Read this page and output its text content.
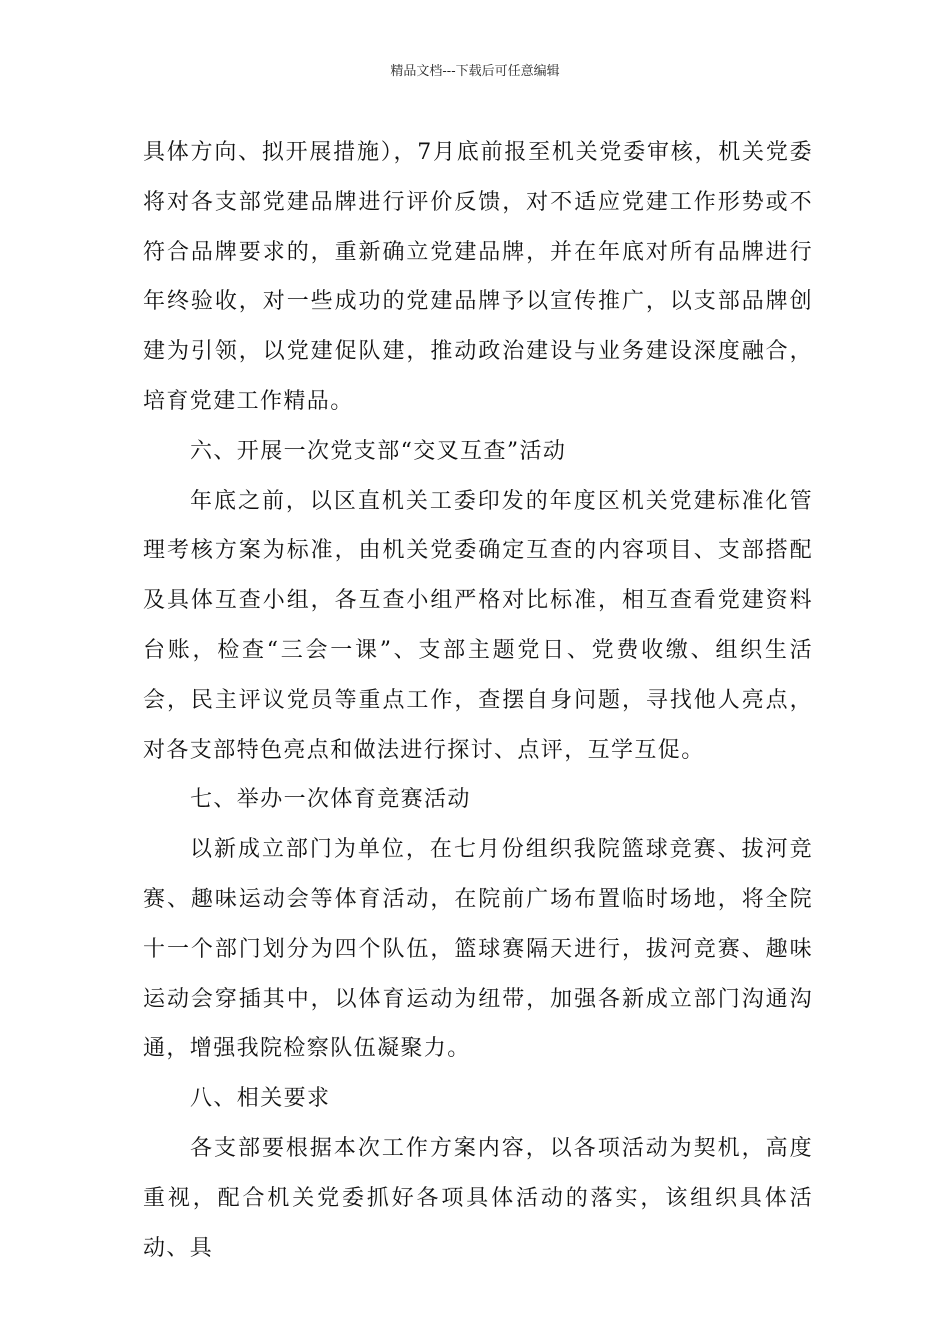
精品文档---下载后可任意编辑

具体方向、拟开展措施），7月底前报至机关党委审核，机关党委将对各支部党建品牌进行评价反馈，对不适应党建工作形势或不符合品牌要求的，重新确立党建品牌，并在年底对所有品牌进行年终验收，对一些成功的党建品牌予以宣传推广，以支部品牌创建为引领，以党建促队建，推动政治建设与业务建设深度融合，培育党建工作精品。

六、开展一次党支部“交叉互查”活动

年底之前，以区直机关工委印发的年度区机关党建标准化管理考核方案为标准，由机关党委确定互查的内容项目、支部搭配及具体互查小组，各互查小组严格对比标准，相互查看党建资料台账，检查“三会一课”、支部主题党日、党费收缴、组织生活会，民主评议党员等重点工作，查摆自身问题，寻找他人亮点，对各支部特色亮点和做法进行探讨、点评，互学互促。

七、举办一次体育竞赛活动

以新成立部门为单位，在七月份组织我院篮球竞赛、拔河竞赛、趣味运动会等体育活动，在院前广场布置临时场地，将全院十一个部门划分为四个队伍，篮球赛隔天进行，拔河竞赛、趣味运动会穿插其中，以体育运动为纽带，加强各新成立部门沟通沟通，增强我院检察队伍凝聚力。

八、相关要求

各支部要根据本次工作方案内容，以各项活动为契机，高度重视，配合机关党委抓好各项具体活动的落实，该组织具体活动、具
